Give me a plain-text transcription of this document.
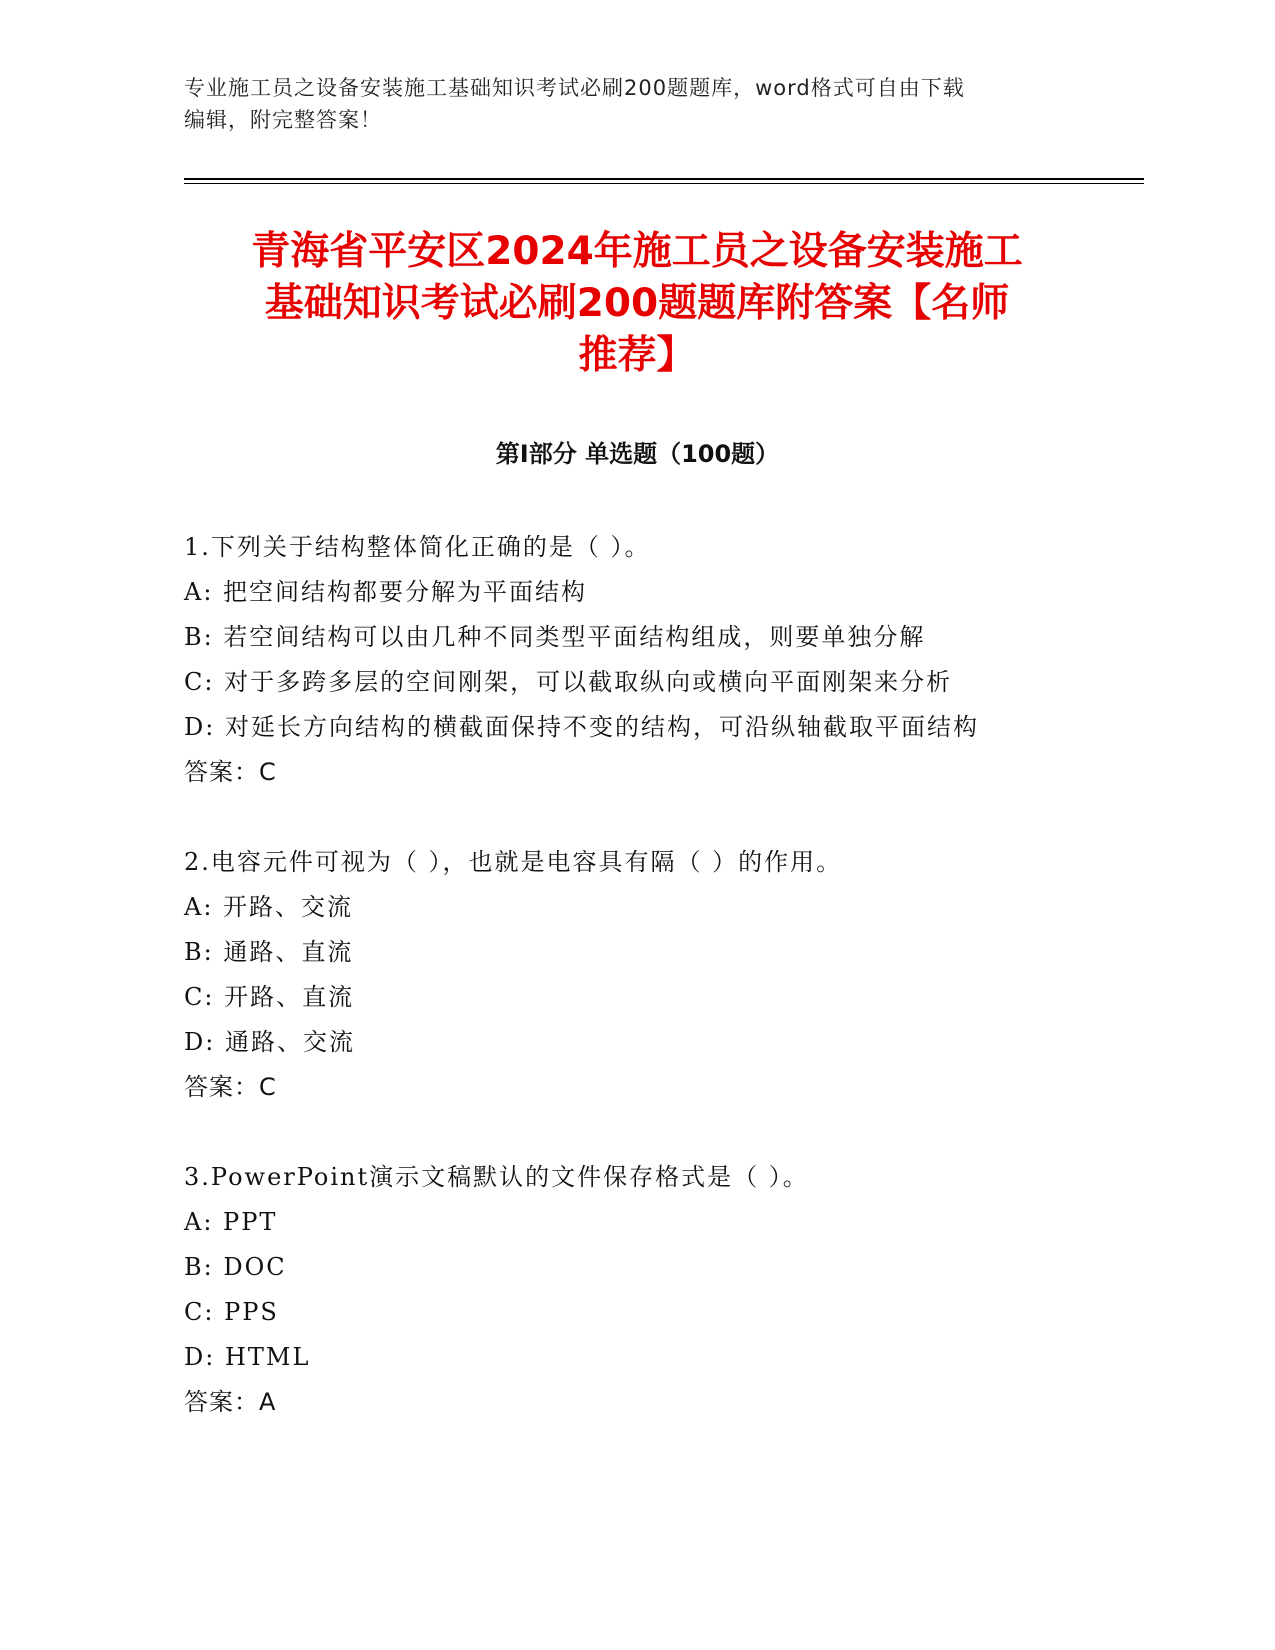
专业施工员之设备安装施工基础知识考试必刷200题题库，word格式可自由下载
编辑，附完整答案！
青海省平安区2024年施工员之设备安装施工
基础知识考试必刷200题题库附答案【名师
推荐】
第Ⅰ部分 单选题（100题）
1.下列关于结构整体简化正确的是（ ）。
A: 把空间结构都要分解为平面结构
B: 若空间结构可以由几种不同类型平面结构组成，则要单独分解
C: 对于多跨多层的空间刚架，可以截取纵向或横向平面刚架来分析
D: 对延长方向结构的横截面保持不变的结构，可沿纵轴截取平面结构
答案：C
2.电容元件可视为（ ），也就是电容具有隔（ ）的作用。
A: 开路、交流
B: 通路、直流
C: 开路、直流
D: 通路、交流
答案：C
3.PowerPoint演示文稿默认的文件保存格式是（ ）。
A: PPT
B: DOC
C: PPS
D: HTML
答案：A
